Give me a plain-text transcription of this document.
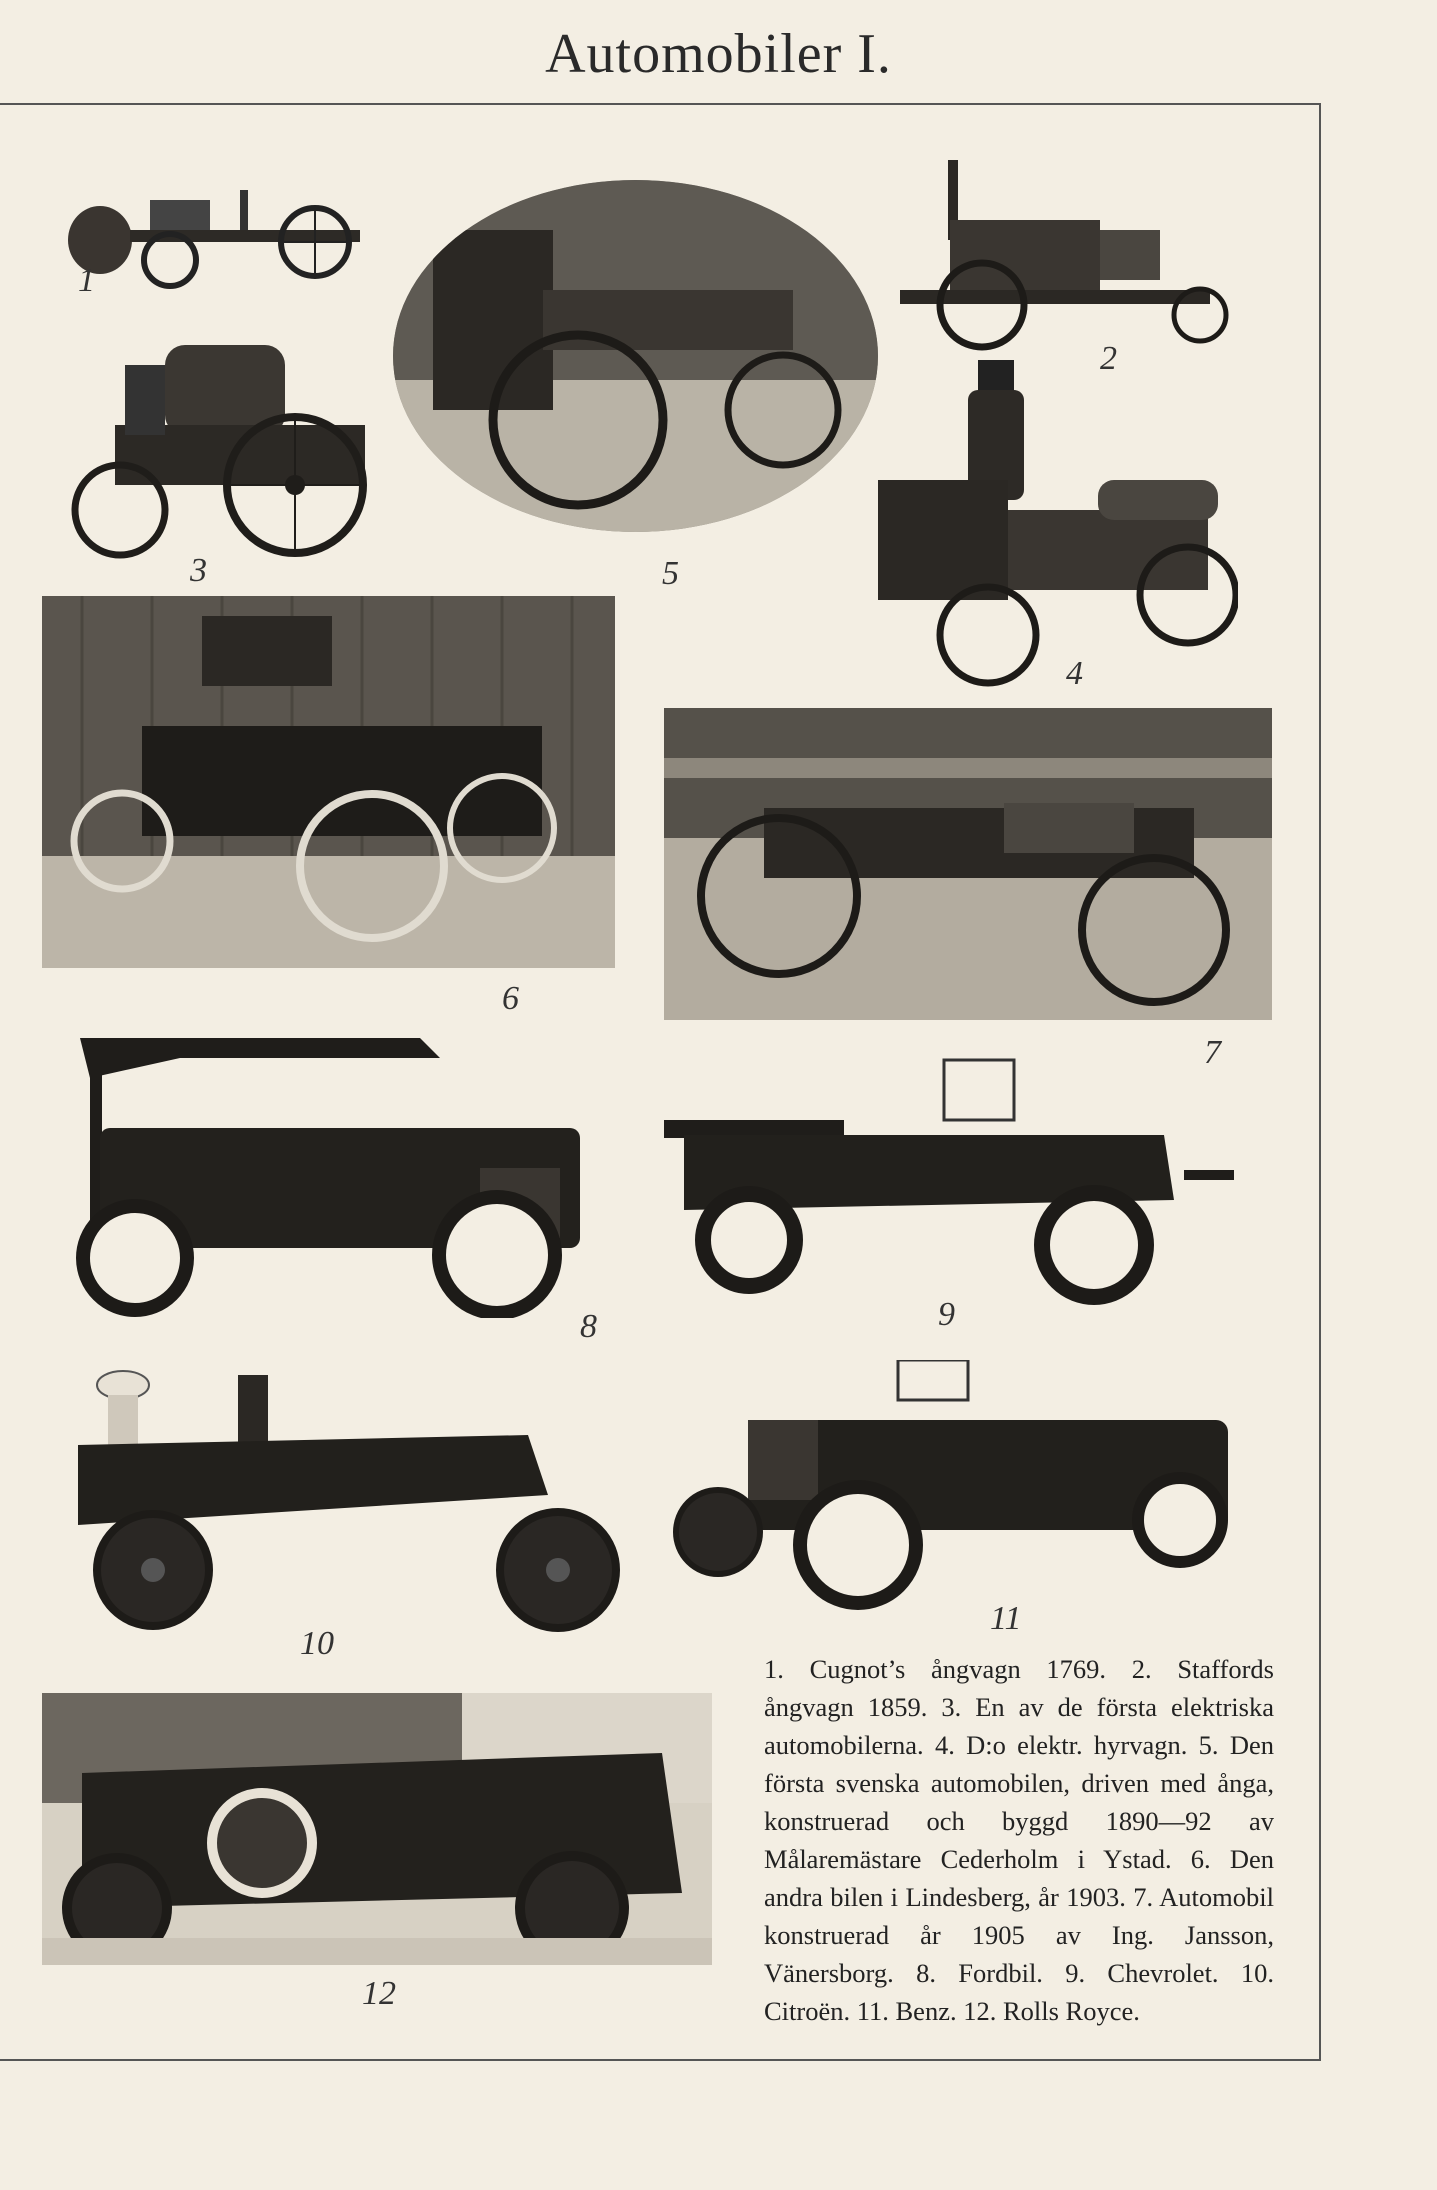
Automobiler I.
1
3	5
2
4
6
7
8	9
10
11
12
1. Cugnot’s ångvagn 1769. 2. Staffords ångvagn 1859. 3. En av de första elektriska automobilerna. 4. D:o elektr. hyrvagn. 5. Den första svenska automobilen, driven med ånga, konstruerad och byggd 1890—92 av Målaremästare Cederholm i Ystad. 6. Den andra bilen i Lindesberg, år 1903. 7. Automobil konstruerad år 1905 av Ing. Jansson, Vänersborg. 8. Fordbil. 9. Chevrolet. 10. Citroën. 11. Benz. 12. Rolls Royce.
